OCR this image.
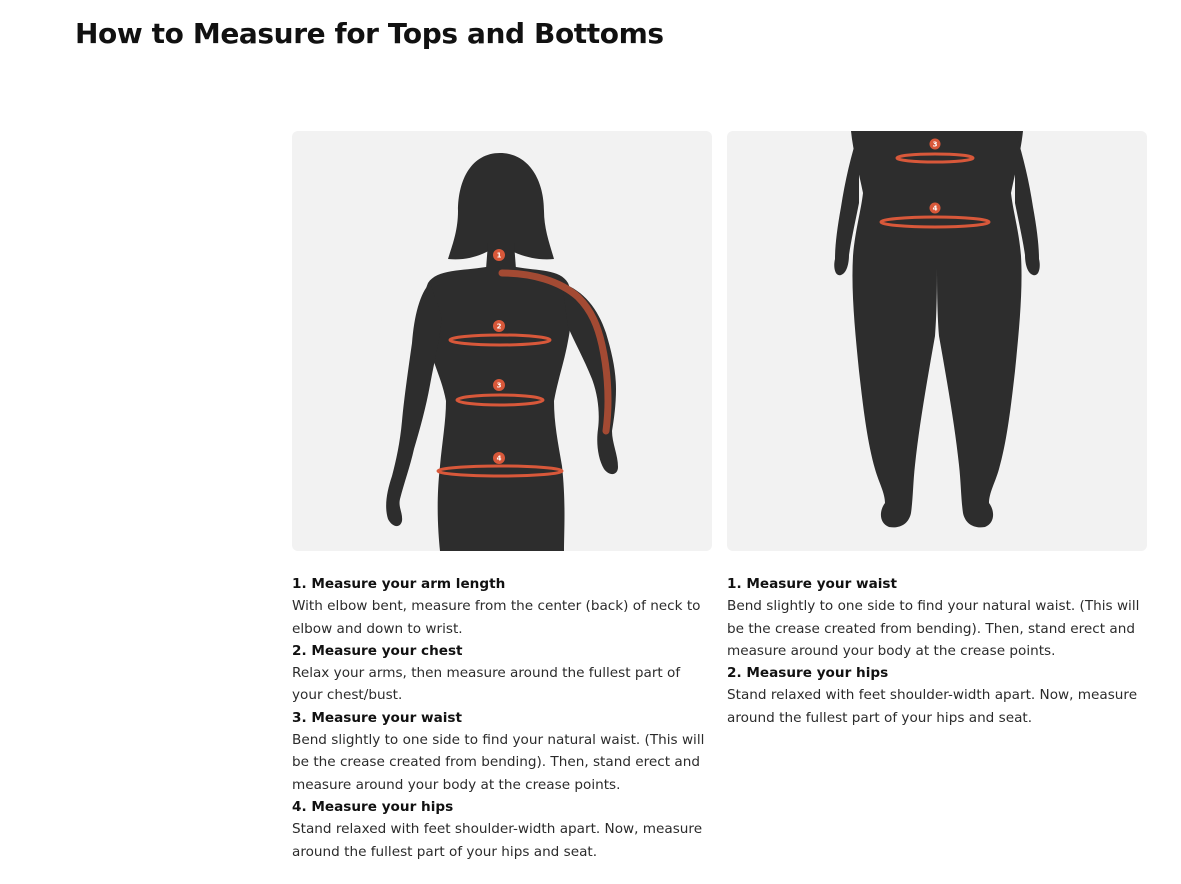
How to Measure for Tops and Bottoms
1
2
3
4
3
4

1. Measure your arm length

With elbow bent, measure from the center (back) of neck to elbow and down to wrist.

2. Measure your chest

Relax your arms, then measure around the fullest part of your chest/bust.

3. Measure your waist

Bend slightly to one side to find your natural waist. (This will be the crease created from bending). Then, stand erect and measure around your body at the crease points.

4. Measure your hips

Stand relaxed with feet shoulder-width apart. Now, measure around the fullest part of your hips and seat.

1. Measure your waist

Bend slightly to one side to find your natural waist. (This will be the crease created from bending). Then, stand erect and measure around your body at the crease points.

2. Measure your hips

Stand relaxed with feet shoulder-width apart. Now, measure around the fullest part of your hips and seat.
